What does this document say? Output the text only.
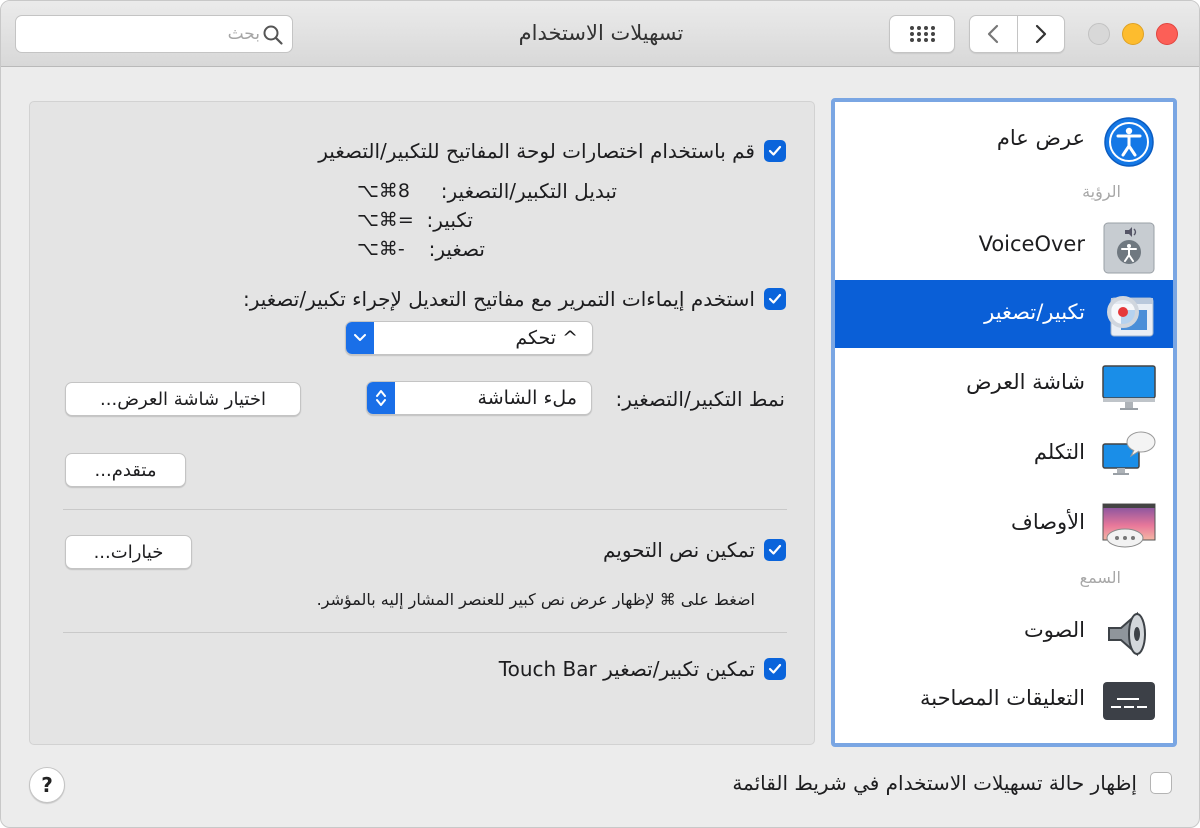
بحث
تسهيلات الاستخدام
عرض عام
الرؤية
VoiceOver
تكبير/تصغير
شاشة العرض
التكلم
الأوصاف
السمع
الصوت
التعليقات المصاحبة
قم باستخدام اختصارات لوحة المفاتيح للتكبير/التصغير
تبديل التكبير/التصغير:
⌥⌘8
تكبير:
⌥⌘=
تصغير:
⌥⌘-
استخدم إيماءات التمرير مع مفاتيح التعديل لإجراء تكبير/تصغير:
^ تحكم
نمط التكبير/التصغير:
ملء الشاشة
اختيار شاشة العرض...
متقدم...
تمكين نص التحويم
خيارات...
اضغط على ⌘ لإظهار عرض نص كبير للعنصر المشار إليه بالمؤشر.
تمكين تكبير/تصغير Touch Bar
إظهار حالة تسهيلات الاستخدام في شريط القائمة
?
